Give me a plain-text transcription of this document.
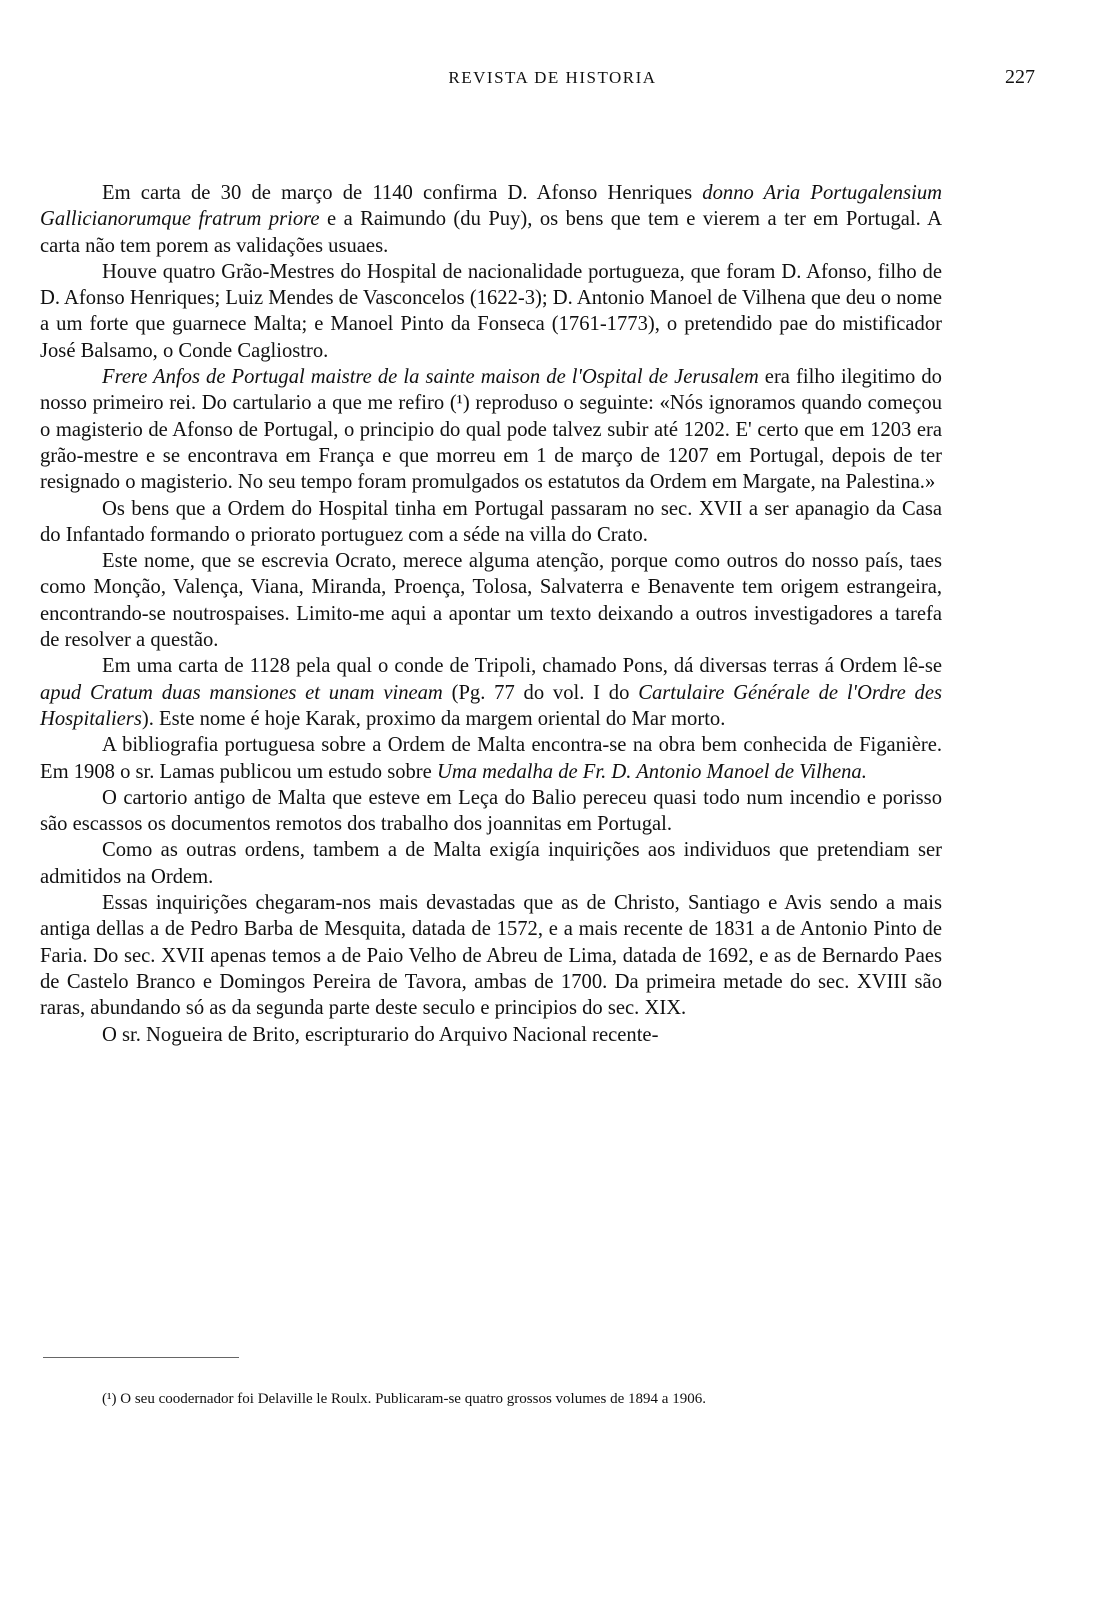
REVISTA DE HISTORIA	227

Em carta de 30 de março de 1140 confirma D. Afonso Henriques donno Aria Portugalensium Gallicianorumque fratrum priore e a Raimundo (du Puy), os bens que tem e vierem a ter em Portugal. A carta não tem porem as validações usuaes.

Houve quatro Grão-Mestres do Hospital de nacionalidade portugueza, que foram D. Afonso, filho de D. Afonso Henriques; Luiz Mendes de Vasconcelos (1622-3); D. Antonio Manoel de Vilhena que deu o nome a um forte que guarnece Malta; e Manoel Pinto da Fonseca (1761-1773), o pretendido pae do mistificador José Balsamo, o Conde Cagliostro.

Frere Anfos de Portugal maistre de la sainte maison de l'Ospital de Jerusalem era filho ilegitimo do nosso primeiro rei. Do cartulario a que me refiro (¹) reproduso o seguinte: «Nós ignoramos quando começou o magisterio de Afonso de Portugal, o principio do qual pode talvez subir até 1202. E' certo que em 1203 era grão-mestre e se encontrava em França e que morreu em 1 de março de 1207 em Portugal, depois de ter resignado o magisterio. No seu tempo foram promulgados os estatutos da Ordem em Margate, na Palestina.»

Os bens que a Ordem do Hospital tinha em Portugal passaram no sec. XVII a ser apanagio da Casa do Infantado formando o priorato portuguez com a séde na villa do Crato.

Este nome, que se escrevia Ocrato, merece alguma atenção, porque como outros do nosso país, taes como Monção, Valença, Viana, Miranda, Proença, Tolosa, Salvaterra e Benavente tem origem estrangeira, encontrando-se noutrospaises. Limito-me aqui a apontar um texto deixando a outros investigadores a tarefa de resolver a questão.

Em uma carta de 1128 pela qual o conde de Tripoli, chamado Pons, dá diversas terras á Ordem lê-se apud Cratum duas mansiones et unam vineam (Pg. 77 do vol. I do Cartulaire Générale de l'Ordre des Hospitaliers). Este nome é hoje Karak, proximo da margem oriental do Mar morto.

A bibliografia portuguesa sobre a Ordem de Malta encontra-se na obra bem conhecida de Figanière. Em 1908 o sr. Lamas publicou um estudo sobre Uma medalha de Fr. D. Antonio Manoel de Vilhena.

O cartorio antigo de Malta que esteve em Leça do Balio pereceu quasi todo num incendio e porisso são escassos os documentos remotos dos trabalho dos joannitas em Portugal.

Como as outras ordens, tambem a de Malta exigía inquirições aos individuos que pretendiam ser admitidos na Ordem.

Essas inquirições chegaram-nos mais devastadas que as de Christo, Santiago e Avis sendo a mais antiga dellas a de Pedro Barba de Mesquita, datada de 1572, e a mais recente de 1831 a de Antonio Pinto de Faria. Do sec. XVII apenas temos a de Paio Velho de Abreu de Lima, datada de 1692, e as de Bernardo Paes de Castelo Branco e Domingos Pereira de Tavora, ambas de 1700. Da primeira metade do sec. XVIII são raras, abundando só as da segunda parte deste seculo e principios do sec. XIX.

O sr. Nogueira de Brito, escripturario do Arquivo Nacional recente-

(¹) O seu coodernador foi Delaville le Roulx. Publicaram-se quatro grossos volumes de 1894 a 1906.
